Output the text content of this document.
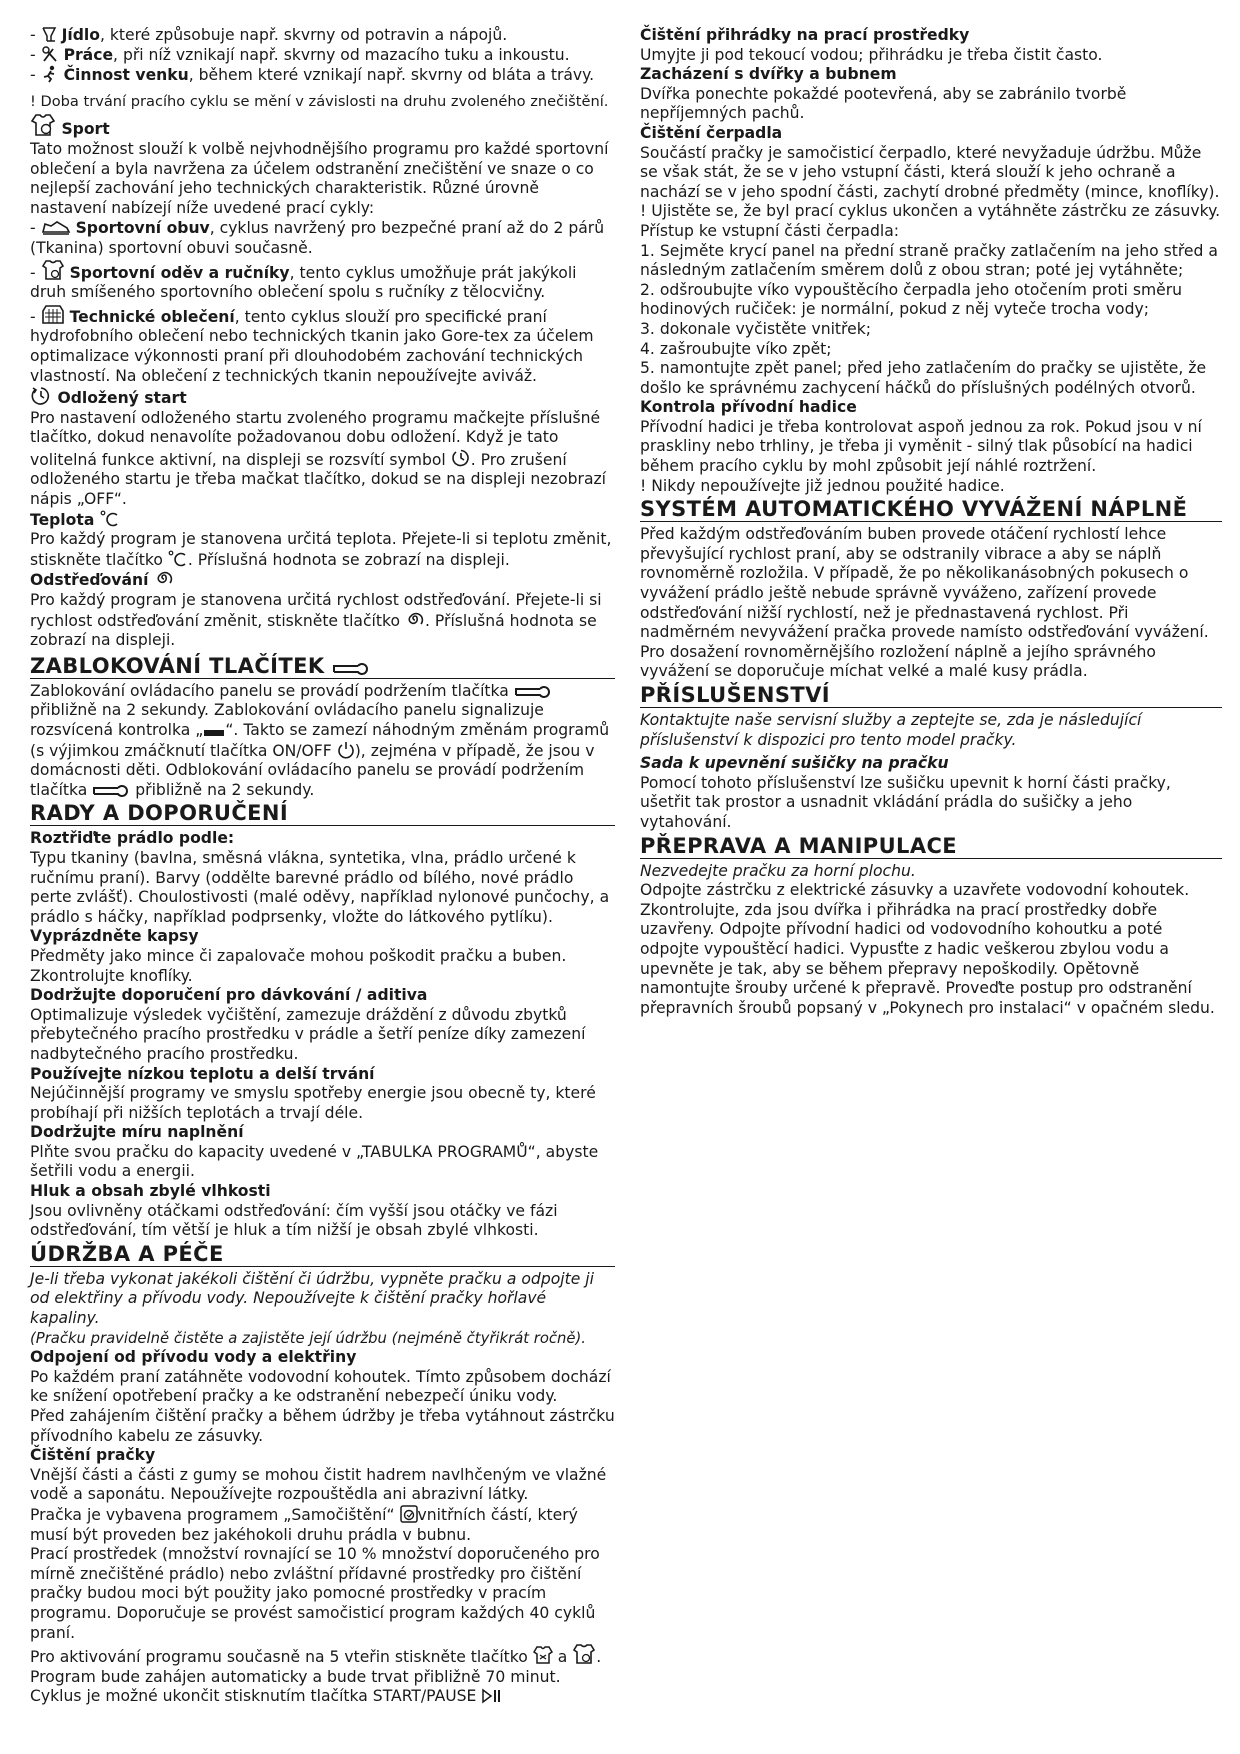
-
Jídlo, které způsobuje např. skvrny od potravin a nápojů.

-
Práce, při níž vznikají např. skvrny od mazacího tuku a inkoustu.

-
Činnost venku, během které vznikají např. skvrny od bláta a trávy.

! Doba trvání pracího cyklu se mění v závislosti na druhu zvoleného znečištění.

Sport

Tato možnost slouží k volbě nejvhodnějšího programu pro každé sportovní oblečení a byla navržena za účelem odstranění znečištění ve snaze o co nejlepší zachování jeho technických charakteristik. Různé úrovně nastavení nabízejí níže uvedené prací cykly:

-
Sportovní obuv, cyklus navržený pro bezpečné praní až do 2 párů (Tkanina) sportovní obuvi současně.

-
Sportovní oděv a ručníky, tento cyklus umožňuje prát jakýkoli druh smíšeného sportovního oblečení spolu s ručníky z tělocvičny.

-
Technické oblečení, tento cyklus slouží pro specifické praní hydrofobního oblečení nebo technických tkanin jako Gore-tex za účelem optimalizace výkonnosti praní při dlouhodobém zachování technických vlastností. Na oblečení z technických tkanin nepoužívejte aviváž.

Odložený start

Pro nastavení odloženého startu zvoleného programu mačkejte příslušné tlačítko, dokud nenavolíte požadovanou dobu odložení. Když je tato volitelná funkce aktivní, na displeji se rozsvítí symbol . Pro zrušení odloženého startu je třeba mačkat tlačítko, dokud se na displeji nezobrazí nápis „OFF“.

Teplota

Pro každý program je stanovena určitá teplota. Přejete-li si teplotu změnit, stiskněte tlačítko . Příslušná hodnota se zobrazí na displeji.

Odstřeďování

Pro každý program je stanovena určitá rychlost odstřeďování. Přejete-li si rychlost odstřeďování změnit, stiskněte tlačítko . Příslušná hodnota se zobrazí na displeji.

ZABLOKOVÁNÍ TLAČÍTEK

Zablokování ovládacího panelu se provádí podržením tlačítka
přibližně na 2 sekundy. Zablokování ovládacího panelu signalizuje rozsvícená kontrolka „ “. Takto se zamezí náhodným změnám programů (s výjimkou zmáčknutí tlačítka ON/OFF ), zejména v případě, že jsou v domácnosti děti. Odblokování ovládacího panelu se provádí podržením tlačítka	přibližně na 2 sekundy.

RADY A DOPORUČENÍ

Roztřiďte prádlo podle:

Typu tkaniny (bavlna, směsná vlákna, syntetika, vlna, prádlo určené k ručnímu praní). Barvy (oddělte barevné prádlo od bílého, nové prádlo perte zvlášť). Choulostivosti (malé oděvy, například nylonové punčochy, a prádlo s háčky, například podprsenky, vložte do látkového pytlíku).

Vyprázdněte kapsy

Předměty jako mince či zapalovače mohou poškodit pračku a buben. Zkontrolujte knoflíky.

Dodržujte doporučení pro dávkování / aditiva

Optimalizuje výsledek vyčištění, zamezuje dráždění z důvodu zbytků přebytečného pracího prostředku v prádle a šetří peníze díky zamezení nadbytečného pracího prostředku.

Používejte nízkou teplotu a delší trvání

Nejúčinnější programy ve smyslu spotřeby energie jsou obecně ty, které probíhají při nižších teplotách a trvají déle.

Dodržujte míru naplnění

Plňte svou pračku do kapacity uvedené v „TABULKA PROGRAMŮ“, abyste šetřili vodu a energii.

Hluk a obsah zbylé vlhkosti

Jsou ovlivněny otáčkami odstřeďování: čím vyšší jsou otáčky ve fázi odstřeďování, tím větší je hluk a tím nižší je obsah zbylé vlhkosti.

ÚDRŽBA A PÉČE

Je-li třeba vykonat jakékoli čištění či údržbu, vypněte pračku a odpojte ji od elektřiny a přívodu vody. Nepoužívejte k čištění pračky hořlavé kapaliny.

(Pračku pravidelně čistěte a zajistěte její údržbu (nejméně čtyřikrát ročně).

Odpojení od přívodu vody a elektřiny

Po každém praní zatáhněte vodovodní kohoutek. Tímto způsobem dochází ke snížení opotřebení pračky a ke odstranění nebezpečí úniku vody.

Před zahájením čištění pračky a během údržby je třeba vytáhnout zástrčku přívodního kabelu ze zásuvky.

Čištění pračky

Vnější části a části z gumy se mohou čistit hadrem navlhčeným ve vlažné vodě a saponátu. Nepoužívejte rozpouštědla ani abrazivní látky.

Pračka je vybavena programem „Samočištění“ vnitřních částí, který musí být proveden bez jakéhokoli druhu prádla v bubnu.

Prací prostředek (množství rovnající se 10 % množství doporučeného pro mírně znečištěné prádlo) nebo zvláštní přídavné prostředky pro čištění pračky budou moci být použity jako pomocné prostředky v pracím programu. Doporučuje se provést samočisticí program každých 40 cyklů praní.

Pro aktivování programu současně na 5 vteřin stiskněte tlačítko a .

Program bude zahájen automaticky a bude trvat přibližně 70 minut.

Cyklus je možné ukončit stisknutím tlačítka START/PAUSE

Čištění přihrádky na prací prostředky

Umyjte ji pod tekoucí vodou; přihrádku je třeba čistit často.

Zacházení s dvířky a bubnem

Dvířka ponechte pokaždé pootevřená, aby se zabránilo tvorbě nepříjemných pachů.

Čištění čerpadla

Součástí pračky je samočisticí čerpadlo, které nevyžaduje údržbu. Může se však stát, že se v jeho vstupní části, která slouží k jeho ochraně a nachází se v jeho spodní části, zachytí drobné předměty (mince, knoflíky).

! Ujistěte se, že byl prací cyklus ukončen a vytáhněte zástrčku ze zásuvky.

Přístup ke vstupní části čerpadla:

1. Sejměte krycí panel na přední straně pračky zatlačením na jeho střed a následným zatlačením směrem dolů z obou stran; poté jej vytáhněte;

2. odšroubujte víko vypouštěcího čerpadla jeho otočením proti směru hodinových ručiček: je normální, pokud z něj vyteče trocha vody;

3. dokonale vyčistěte vnitřek;

4. zašroubujte víko zpět;

5. namontujte zpět panel; před jeho zatlačením do pračky se ujistěte, že došlo ke správnému zachycení háčků do příslušných podélných otvorů.

Kontrola přívodní hadice

Přívodní hadici je třeba kontrolovat aspoň jednou za rok. Pokud jsou v ní praskliny nebo trhliny, je třeba ji vyměnit - silný tlak působící na hadici během pracího cyklu by mohl způsobit její náhlé roztržení.

! Nikdy nepoužívejte již jednou použité hadice.

SYSTÉM AUTOMATICKÉHO VYVÁŽENÍ NÁPLNĚ

Před každým odstřeďováním buben provede otáčení rychlostí lehce převyšující rychlost praní, aby se odstranily vibrace a aby se náplň rovnoměrně rozložila. V případě, že po několikanásobných pokusech o vyvážení prádlo ještě nebude správně vyváženo, zařízení provede odstřeďování nižší rychlostí, než je přednastavená rychlost. Při nadměrném nevyvážení pračka provede namísto odstřeďování vyvážení. Pro dosažení rovnoměrnějšího rozložení náplně a jejího správného vyvážení se doporučuje míchat velké a malé kusy prádla.

PŘÍSLUŠENSTVÍ

Kontaktujte naše servisní služby a zeptejte se, zda je následující příslušenství k dispozici pro tento model pračky.

Sada k upevnění sušičky na pračku

Pomocí tohoto příslušenství lze sušičku upevnit k horní části pračky, ušetřit tak prostor a usnadnit vkládání prádla do sušičky a jeho vytahování.

PŘEPRAVA A MANIPULACE

Nezvedejte pračku za horní plochu.

Odpojte zástrčku z elektrické zásuvky a uzavřete vodovodní kohoutek. Zkontrolujte, zda jsou dvířka i přihrádka na prací prostředky dobře uzavřeny. Odpojte přívodní hadici od vodovodního kohoutku a poté odpojte vypouštěcí hadici. Vypusťte z hadic veškerou zbylou vodu a upevněte je tak, aby se během přepravy nepoškodily. Opětovně namontujte šrouby určené k přepravě. Proveďte postup pro odstranění přepravních šroubů popsaný v „Pokynech pro instalaci“ v opačném sledu.
